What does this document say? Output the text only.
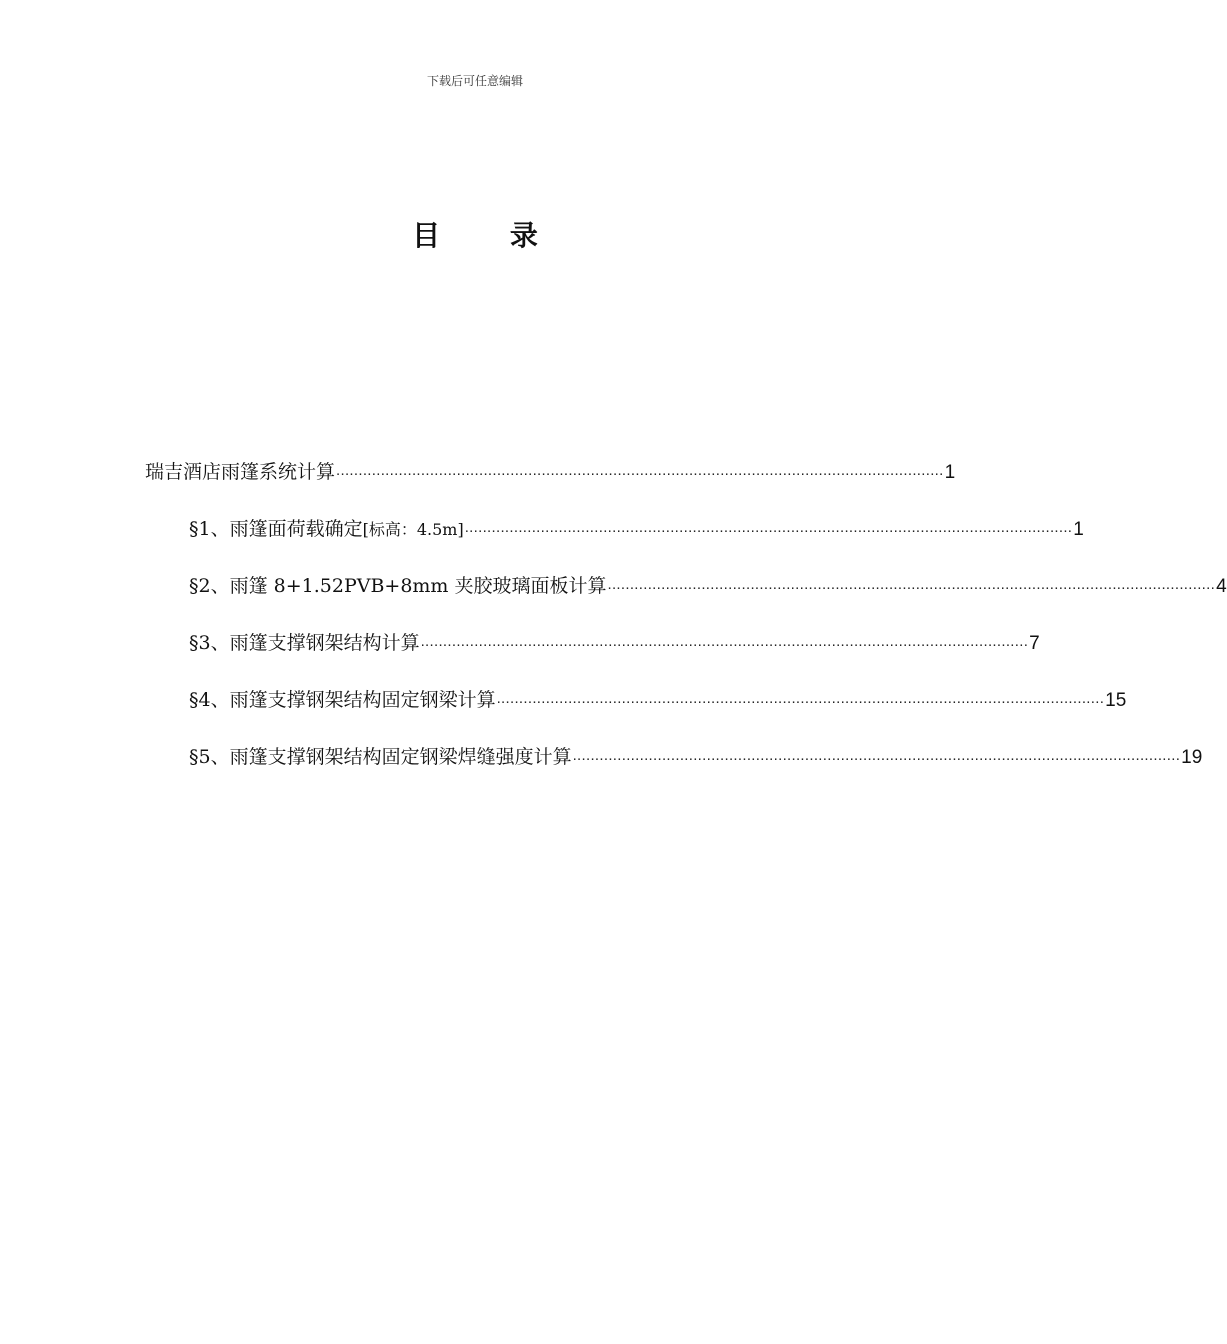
下载后可任意编辑
目 录
瑞吉酒店雨篷系统计算 ........................................................................................................................................ 1
§1、雨篷面荷载确定[标高：4.5m] ........................................................................................................................................ 1
§2、雨篷 8+1.52PVB+8mm 夹胶玻璃面板计算 ........................................................................................................................................ 4
§3、雨篷支撑钢架结构计算 ........................................................................................................................................ 7
§4、雨篷支撑钢架结构固定钢梁计算 ........................................................................................................................................ 15
§5、雨篷支撑钢架结构固定钢梁焊缝强度计算 ........................................................................................................................................ 19
